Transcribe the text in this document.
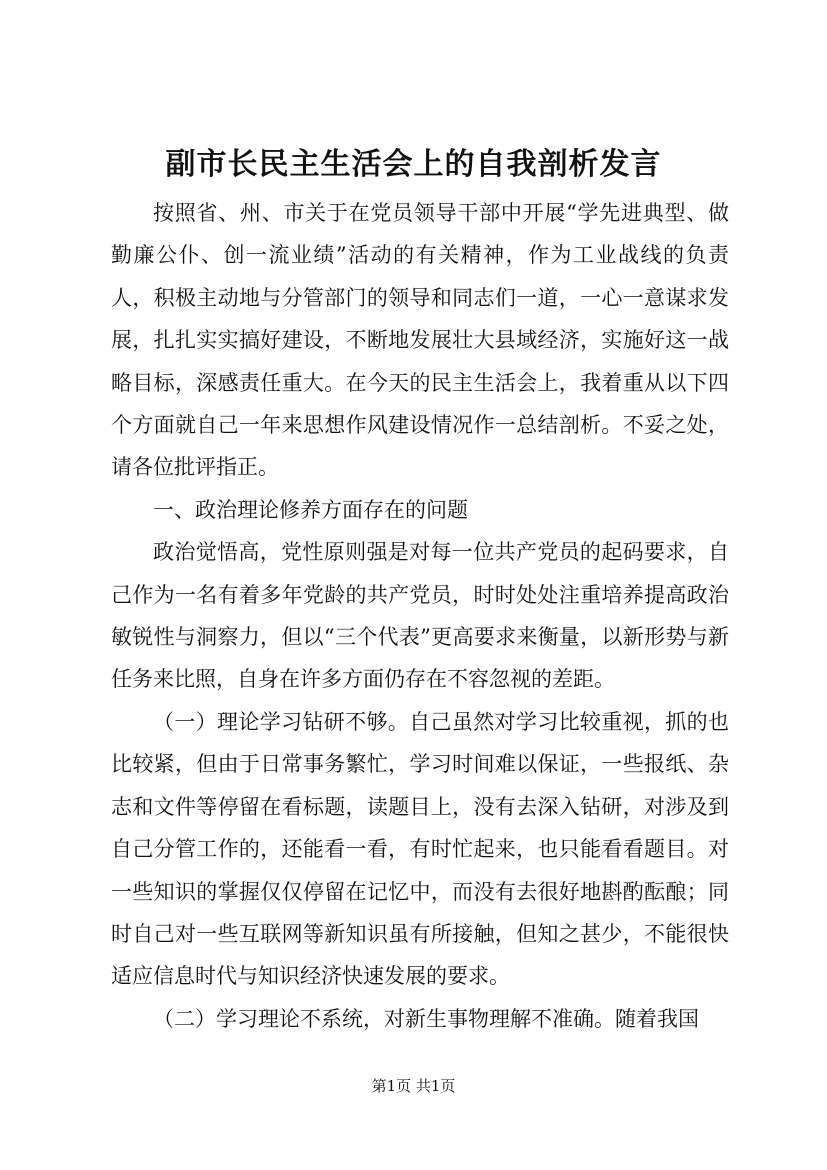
副市长民主生活会上的自我剖析发言

按照省、州、市关于在党员领导干部中开展“学先进典型、做勤廉公仆、创一流业绩”活动的有关精神，作为工业战线的负责人，积极主动地与分管部门的领导和同志们一道，一心一意谋求发展，扎扎实实搞好建设，不断地发展壮大县域经济，实施好这一战略目标，深感责任重大。在今天的民主生活会上，我着重从以下四个方面就自己一年来思想作风建设情况作一总结剖析。不妥之处，请各位批评指正。

一、政治理论修养方面存在的问题

政治觉悟高，党性原则强是对每一位共产党员的起码要求，自己作为一名有着多年党龄的共产党员，时时处处注重培养提高政治敏锐性与洞察力，但以“三个代表”更高要求来衡量，以新形势与新任务来比照，自身在许多方面仍存在不容忽视的差距。

（一）理论学习钻研不够。自己虽然对学习比较重视，抓的也比较紧，但由于日常事务繁忙，学习时间难以保证，一些报纸、杂志和文件等停留在看标题，读题目上，没有去深入钻研，对涉及到自己分管工作的，还能看一看，有时忙起来，也只能看看题目。对一些知识的掌握仅仅停留在记忆中，而没有去很好地斟酌酝酿；同时自己对一些互联网等新知识虽有所接触，但知之甚少，不能很快适应信息时代与知识经济快速发展的要求。

（二）学习理论不系统，对新生事物理解不准确。随着我国

第1页 共1页
